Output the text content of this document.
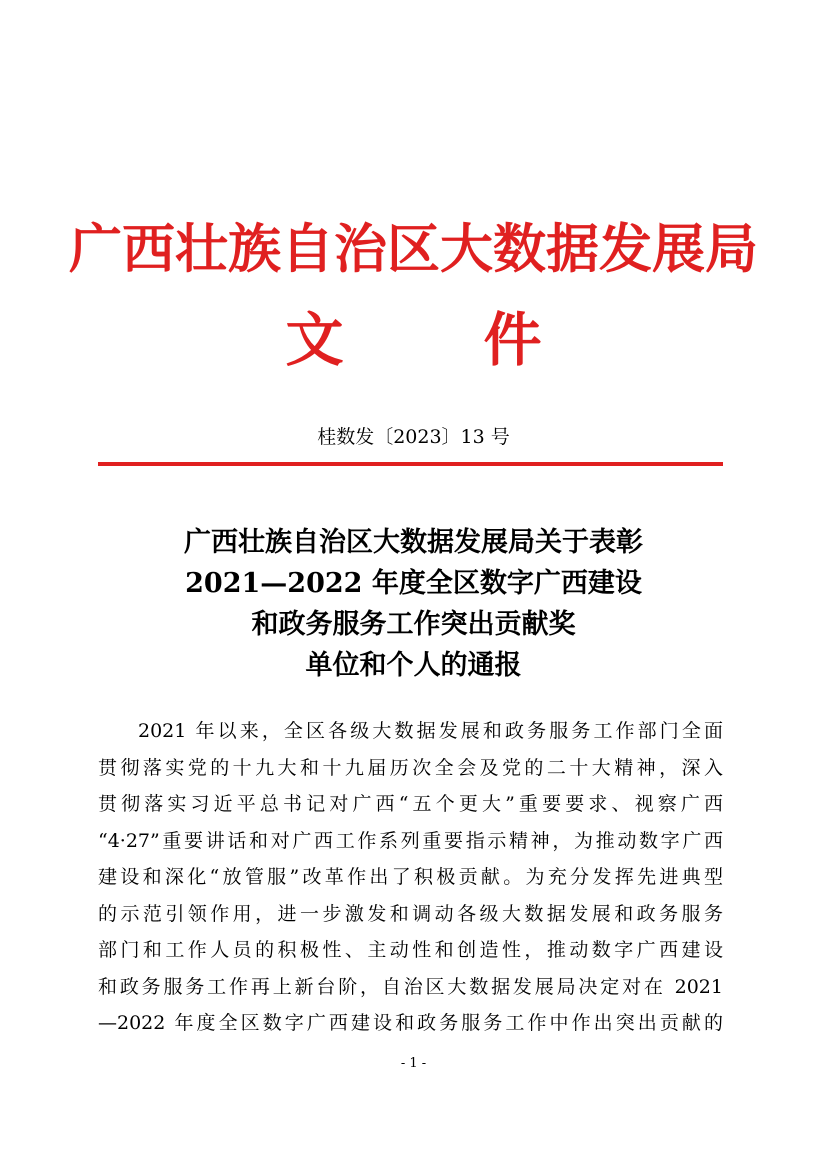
广西壮族自治区大数据发展局
文 件
桂数发〔2023〕13 号
广西壮族自治区大数据发展局关于表彰
2021—2022 年度全区数字广西建设
和政务服务工作突出贡献奖
单位和个人的通报
2021 年以来，全区各级大数据发展和政务服务工作部门全面
贯彻落实党的十九大和十九届历次全会及党的二十大精神，深入
贯彻落实习近平总书记对广西“五个更大”重要要求、视察广西
“4·27”重要讲话和对广西工作系列重要指示精神，为推动数字广西
建设和深化“放管服”改革作出了积极贡献。为充分发挥先进典型
的示范引领作用，进一步激发和调动各级大数据发展和政务服务
部门和工作人员的积极性、主动性和创造性，推动数字广西建设
和政务服务工作再上新台阶，自治区大数据发展局决定对在 2021
—2022 年度全区数字广西建设和政务服务工作中作出突出贡献的
- 1 -
